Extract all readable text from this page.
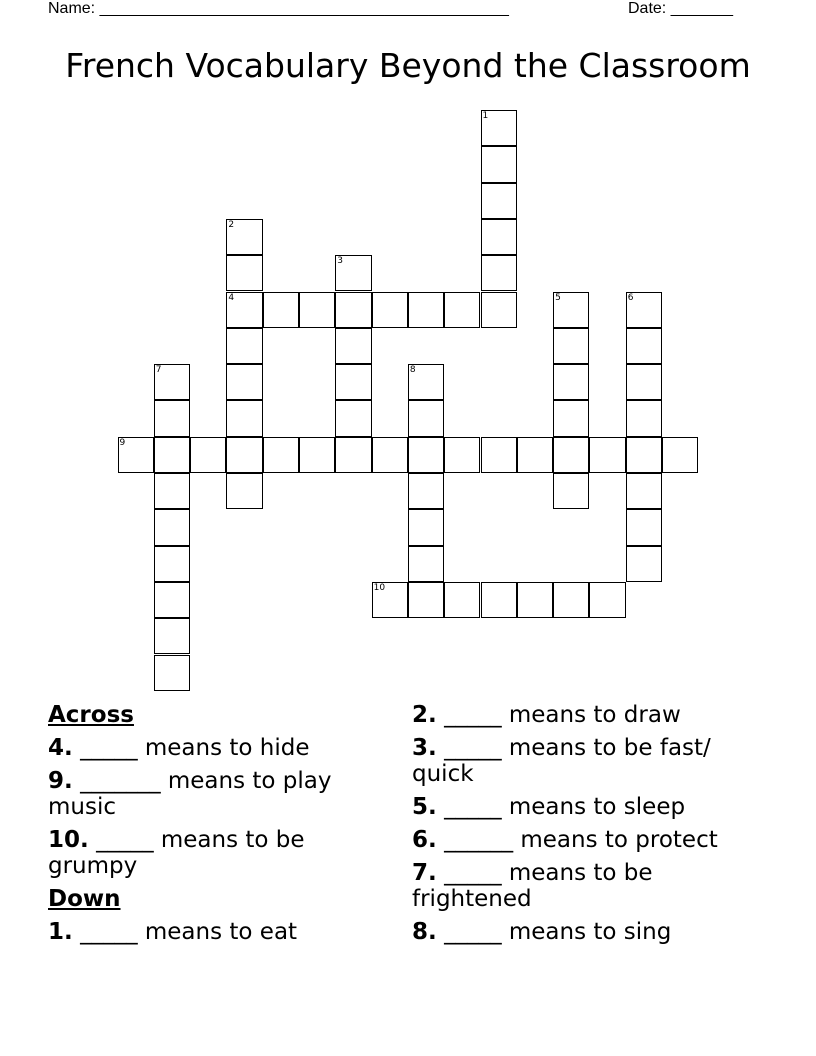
Name: ______________________________________________	Date: _______
French Vocabulary Beyond the Classroom
1
2
4
3
5	6
7	8
9
10
Across
4. _____ means to hide
9. _______ means to play music
10. _____ means to be grumpy
Down
1. _____ means to eat
2. _____ means to draw
3. _____ means to be fast/ quick
5. _____ means to sleep
6. ______ means to protect
7. _____ means to be frightened
8. _____ means to sing
